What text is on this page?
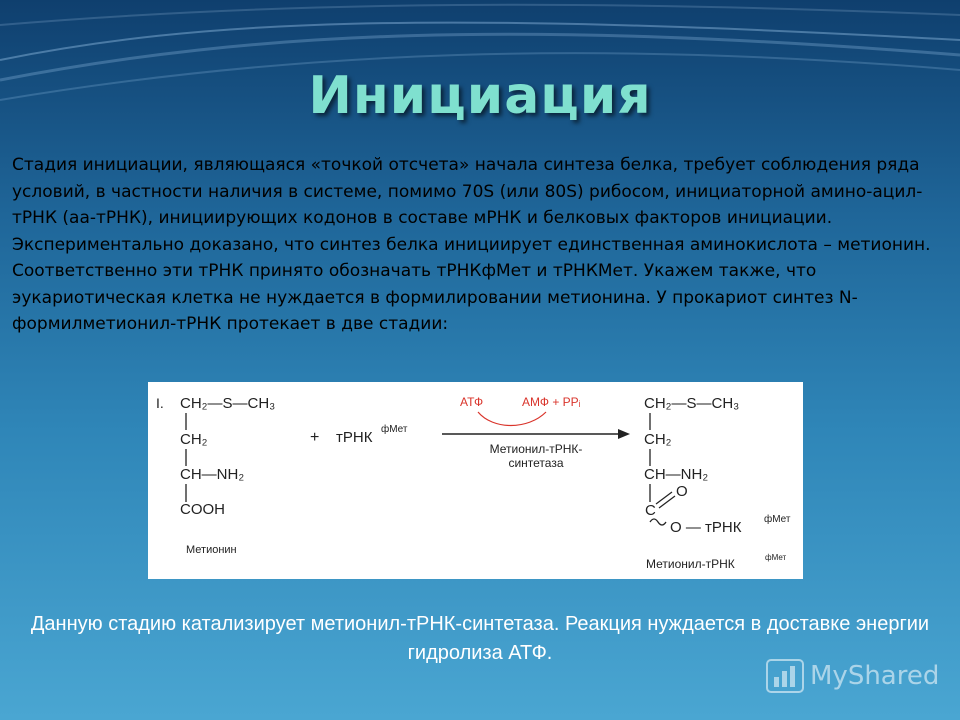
Инициация

Стадия инициации, являющаяся «точкой отсчета» начала синтеза белка, требует соблюдения ряда условий, в частности наличия в системе, помимо 70S (или 80S) рибосом, инициаторной амино-ацил-тРНК (аа-тРНК), инициирующих кодонов в составе мРНК и белковых факторов инициации. Экспериментально доказано, что синтез белка инициирует единственная аминокислота – метионин. Соответственно эти тРНК принято обозначать тРНКфМет и тРНКМет. Укажем также, что эукариотическая клетка не нуждается в формилировании метионина. У прокариот синтез N-формилметионил-тРНК протекает в две стадии:

I. CH₂—S—CH₃
CH₂
CH—NH₂
COOH
Метионин
+ тРНК фМет
АТФ	АМФ + PPᵢ
Метионил-тРНК-
синтетаза
CH₂—S—CH₃
CH₂
CH—NH₂
C
O
O — тРНК фМет
Метионил-тРНК	фМет
Данную стадию катализирует метионил-тРНК-синтетаза. Реакция нуждается в доставке энергии гидролиза АТФ.
MyShared
